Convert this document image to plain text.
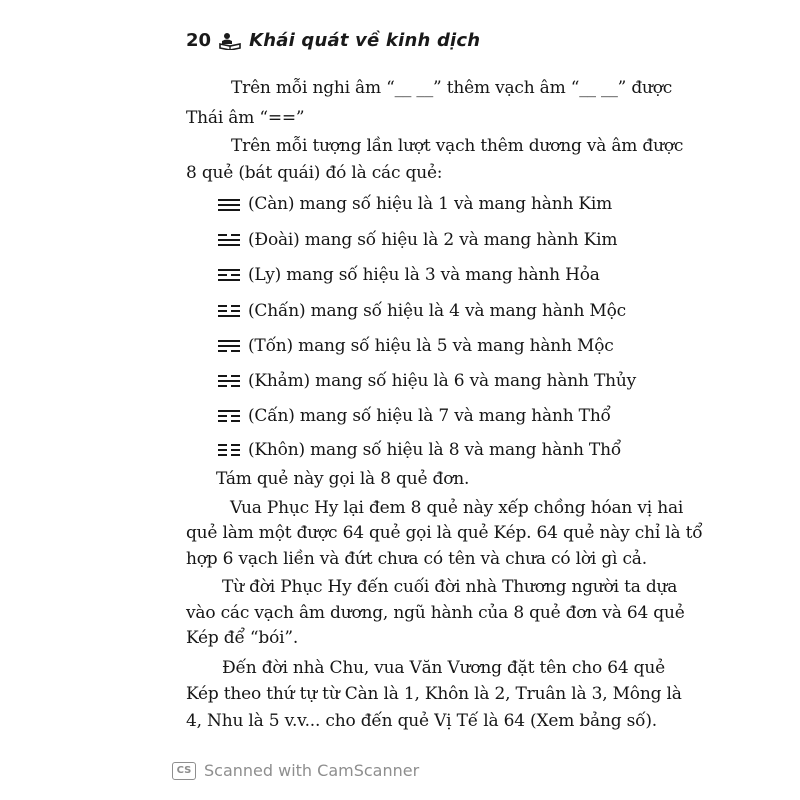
20 Khái quát về kinh dịch
Trên mỗi nghi âm “__ __” thêm vạch âm “__ __” được
Thái âm “==”
Trên mỗi tượng lần lượt vạch thêm dương và âm được
8 quẻ (bát quái) đó là các quẻ:
(Càn) mang số hiệu là 1 và mang hành Kim
(Đoài) mang số hiệu là 2 và mang hành Kim
(Ly) mang số hiệu là 3 và mang hành Hỏa
(Chấn) mang số hiệu là 4 và mang hành Mộc
(Tốn) mang số hiệu là 5 và mang hành Mộc
(Khảm) mang số hiệu là 6 và mang hành Thủy
(Cấn) mang số hiệu là 7 và mang hành Thổ
(Khôn) mang số hiệu là 8 và mang hành Thổ
Tám quẻ này gọi là 8 quẻ đơn.
Vua Phục Hy lại đem 8 quẻ này xếp chồng hóan vị hai
quẻ làm một được 64 quẻ gọi là quẻ Kép. 64 quẻ này chỉ là tổ
hợp 6 vạch liền và đứt chưa có tên và chưa có lời gì cả.
Từ đời Phục Hy đến cuối đời nhà Thương người ta dựa
vào các vạch âm dương, ngũ hành của 8 quẻ đơn và 64 quẻ
Kép để “bói”.
Đến đời nhà Chu, vua Văn Vương đặt tên cho 64 quẻ
Kép theo thứ tự từ Càn là 1, Khôn là 2, Truân là 3, Mông là
4, Nhu là 5 v.v... cho đến quẻ Vị Tế là 64 (Xem bảng số).
CS Scanned with CamScanner
